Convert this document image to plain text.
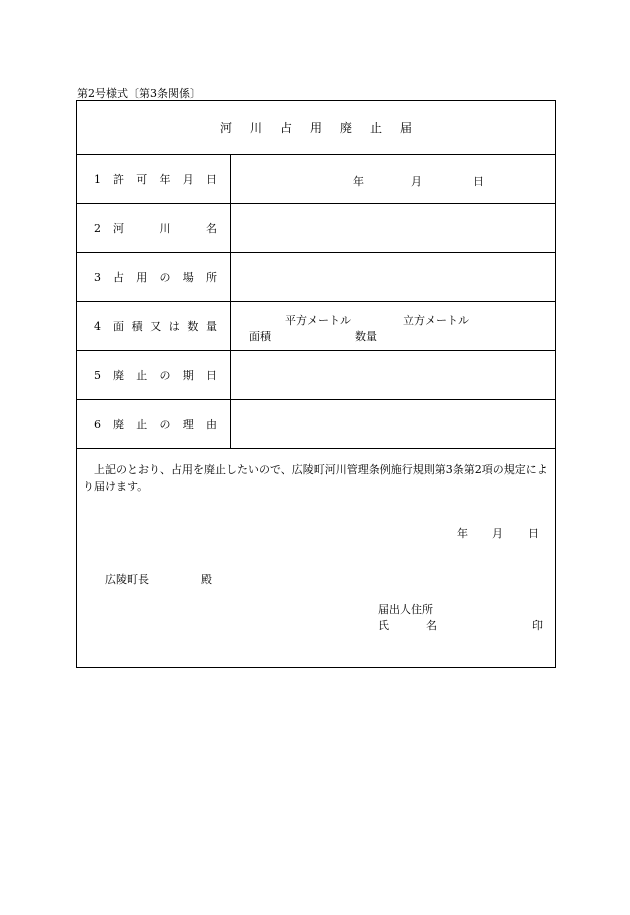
第2号様式〔第3条関係〕
河 川 占 用 廃 止 届
1 許 可 年 月 日	年	月	日
2 河	川	名
3 占 用 の 場 所
4 面 積 又 は 数 量	平方メートル	立方メートル
面積	数量
5 廃 止 の 期 日
6 廃 止 の 理 由
上記のとおり、占用を廃止したいので、広陵町河川管理条例施行規則第3条第2項の規定により届けます。
年 月 日
広陵町長	殿
届出人住所
氏	名	印
